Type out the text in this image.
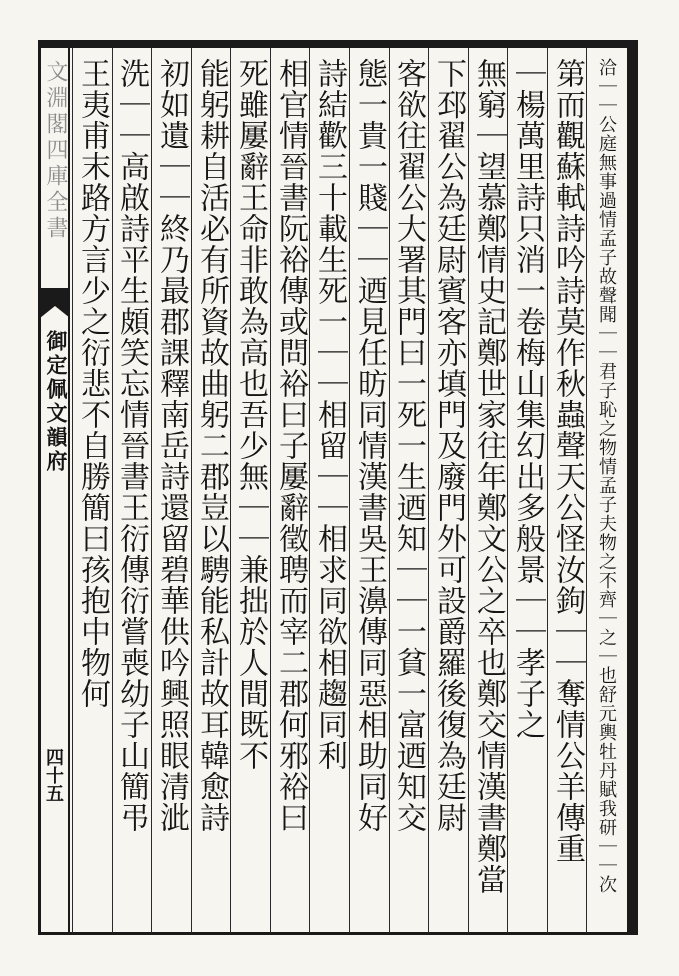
文淵閣四庫全書
御定佩文韻府
四十五	洽｜｜公庭無事過情孟子故聲聞｜｜君子恥之物情孟子夫物之不齊｜之｜也舒元輿牡丹賦我研｜｜次
第而觀蘇軾詩吟詩莫作秋蟲聲天公怪汝鉤｜｜奪情公羊傳重
｜楊萬里詩只消一卷梅山集幻出多般景｜｜孝子之
無窮｜望慕鄭情史記鄭世家往年鄭文公之卒也鄭交情漢書鄭當
下邳翟公為廷尉賓客亦填門及廢門外可設爵羅後復為廷尉
客欲往翟公大署其門曰一死一生迺知｜｜一貧一富迺知交
態一貴一賤｜｜迺見任昉同情漢書吳王濞傳同惡相助同好
詩結歡三十載生死一｜｜相留｜｜相求同欲相趨同利
相官情晉書阮裕傳或問裕曰子屢辭徵聘而宰二郡何邪裕曰
死雖屢辭王命非敢為高也吾少無｜｜兼拙於人間既不
能躬耕自活必有所資故曲躬二郡豈以騁能私計故耳韓愈詩
初如遺｜｜終乃最郡課釋南岳詩還留碧華供吟興照眼清泚
洗｜｜高啟詩平生頗笑忘情晉書王衍傳衍嘗喪幼子山簡弔
王夷甫末路方言少之衍悲不自勝簡曰孩抱中物何
